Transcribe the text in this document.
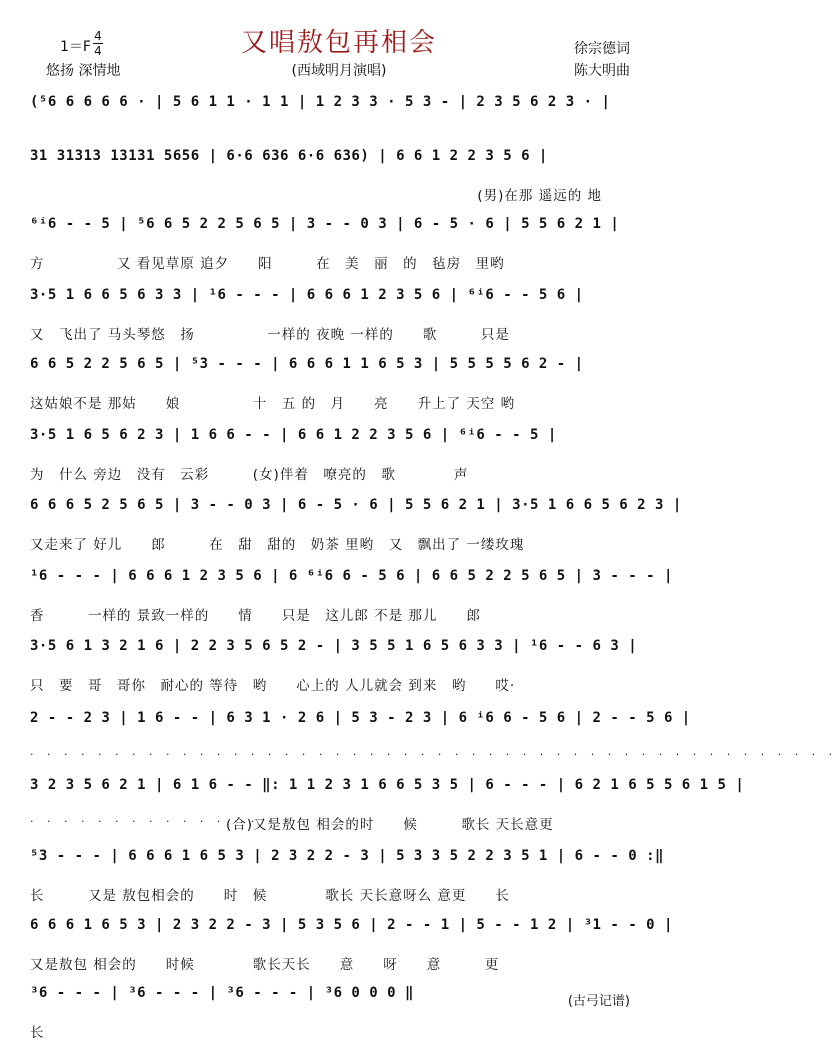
又唱敖包再相会
1＝F
4
4	徐宗德词
悠扬 深情地	(西域明月演唱)	陈大明曲
(⁵6 6 6 6 6 · | 5 6 1 1 · 1 1 | 1 2 3 3 · 5 3 - | 2 3 5 6 2 3 · |
31 31313 13131 5656 | 6·6 636 6·6 636) | 6 6 1 2 2 3 5 6 |
(男)在那 遥远的 地
⁶ⁱ6 - - 5 | ⁵6 6 5 2 2 5 6 5 | 3 - - 0 3 | 6 - 5 · 6 | 5 5 6 2 1 |
方　　　　　又 看见草原 追夕　　阳　　　在　美　丽　的　毡房　里哟
3·5 1 6 6 5 6 3 3 | ¹6 - - - | 6 6 6 1 2 3 5 6 | ⁶ⁱ6 - - 5 6 |
又　飞出了 马头琴悠　扬　　　　　一样的 夜晚 一样的　　歌　　　只是
6 6 5 2 2 5 6 5 | ⁵3 - - - | 6 6 6 1 1 6 5 3 | 5 5 5 5 6 2 - |
这姑娘不是 那姑　　娘　　　　　十　五 的　月　　亮　　升上了 天空 哟
3·5 1 6 5 6 2 3 | 1 6 6 - - | 6 6 1 2 2 3 5 6 | ⁶ⁱ6 - - 5 |
为　什么 旁边　没有　云彩　　　(女)伴着　嘹亮的　歌　　　　声
6 6 6 5 2 5 6 5 | 3 - - 0 3 | 6 - 5 · 6 | 5 5 6 2 1 | 3·5 1 6 6 5 6 2 3 |
又走来了 好儿　　郎　　　在　甜　甜的　奶茶 里哟　又　飘出了 一缕玫瑰
¹6 - - - | 6 6 6 1 2 3 5 6 | 6 ⁶ⁱ6 6 - 5 6 | 6 6 5 2 2 5 6 5 | 3 - - - |
香　　　一样的 景致一样的　　情　　只是　这儿郎 不是 那儿　　郎
3·5 6 1 3 2 1 6 | 2 2 3 5 6 5 2 - | 3 5 5 1 6 5 6 3 3 | ¹6 - - 6 3 |
只　要　哥　哥你　耐心的 等待　哟　　心上的 人儿就会 到来　哟　　哎·
2 - - 2 3 | 1 6 - - | 6 3 1 · 2 6 | 5 3 - 2 3 | 6 ⁱ6 6 - 5 6 | 2 - - 5 6 |
· · · · · · · · · · · · · · · · · · · · · · · · · · · · · · · · · · · · · · · · · · · · · · · ·
3 2 3 5 6 2 1 | 6 1 6 - - ‖: 1 1 2 3 1 6 6 5 3 5 | 6 - - - | 6 2 1 6 5 5 6 1 5 |
· · · · · · · · · · · · · · · · ·
(合)又是敖包 相会的时　　候　　　歌长 天长意更
⁵3 - - - | 6 6 6 1 6 5 3 | 2 3 2 2 - 3 | 5 3 3 5 2 2 3 5 1 | 6 - - 0 :‖
长　　　又是 敖包相会的　　时　候　　　　歌长 天长意呀么 意更　　长
6 6 6 1 6 5 3 | 2 3 2 2 - 3 | 5 3 5 6 | 2 - - 1 | 5 - - 1 2 | ³1 - - 0 |
又是敖包 相会的　　时候　　　　歌长天长　　意　　呀　　意　　　更
³6 - - - | ³6 - - - | ³6 - - - | ³6 0 0 0 ‖
长
(古弓记谱)
